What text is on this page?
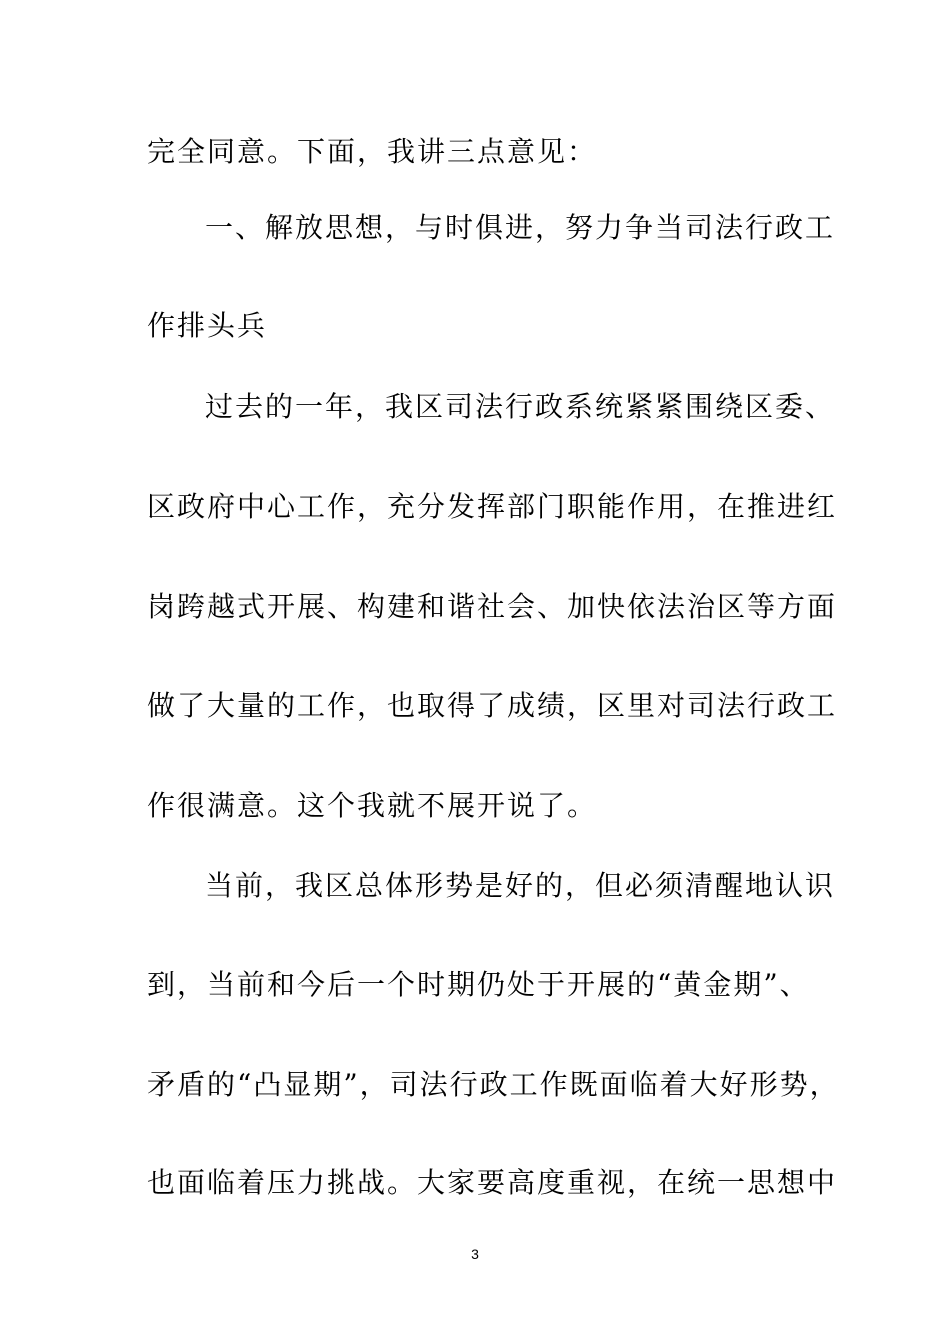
完全同意。下面，我讲三点意见：
一、解放思想，与时俱进，努力争当司法行政工
作排头兵
过去的一年，我区司法行政系统紧紧围绕区委、
区政府中心工作，充分发挥部门职能作用，在推进红
岗跨越式开展、构建和谐社会、加快依法治区等方面
做了大量的工作，也取得了成绩，区里对司法行政工
作很满意。这个我就不展开说了。
当前，我区总体形势是好的，但必须清醒地认识
到，当前和今后一个时期仍处于开展的“黄金期”、
矛盾的“凸显期”，司法行政工作既面临着大好形势，
也面临着压力挑战。大家要高度重视，在统一思想中
3
